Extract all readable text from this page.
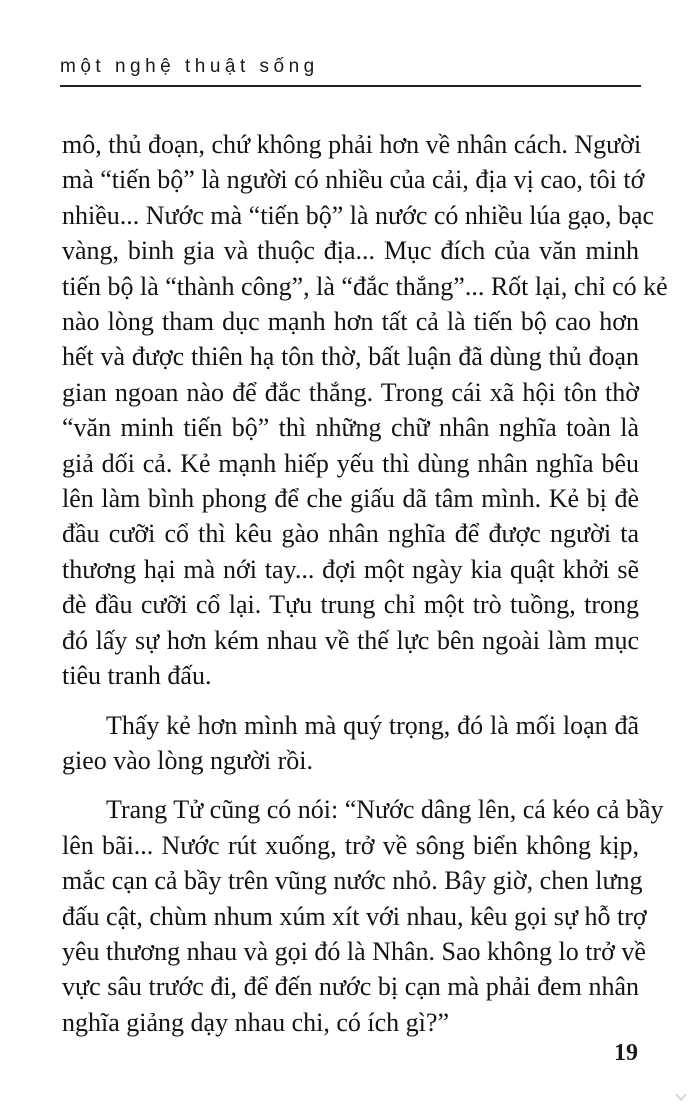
một nghệ thuật sống
mô, thủ đoạn, chứ không phải hơn về nhân cách. Người
mà “tiến bộ” là người có nhiều của cải, địa vị cao, tôi tớ
nhiều... Nước mà “tiến bộ” là nước có nhiều lúa gạo, bạc
vàng, binh gia và thuộc địa... Mục đích của văn minh
tiến bộ là “thành công”, là “đắc thắng”... Rốt lại, chỉ có kẻ
nào lòng tham dục mạnh hơn tất cả là tiến bộ cao hơn
hết và được thiên hạ tôn thờ, bất luận đã dùng thủ đoạn
gian ngoan nào để đắc thắng. Trong cái xã hội tôn thờ
“văn minh tiến bộ” thì những chữ nhân nghĩa toàn là
giả dối cả. Kẻ mạnh hiếp yếu thì dùng nhân nghĩa bêu
lên làm bình phong để che giấu dã tâm mình. Kẻ bị đè
đầu cưỡi cổ thì kêu gào nhân nghĩa để được người ta
thương hại mà nới tay... đợi một ngày kia quật khởi sẽ
đè đầu cưỡi cổ lại. Tựu trung chỉ một trò tuồng, trong
đó lấy sự hơn kém nhau về thế lực bên ngoài làm mục
tiêu tranh đấu.
Thấy kẻ hơn mình mà quý trọng, đó là mối loạn đã
gieo vào lòng người rồi.
Trang Tử cũng có nói: “Nước dâng lên, cá kéo cả bầy
lên bãi... Nước rút xuống, trở về sông biển không kịp,
mắc cạn cả bầy trên vũng nước nhỏ. Bây giờ, chen lưng
đấu cật, chùm nhum xúm xít với nhau, kêu gọi sự hỗ trợ
yêu thương nhau và gọi đó là Nhân. Sao không lo trở về
vực sâu trước đi, để đến nước bị cạn mà phải đem nhân
nghĩa giảng dạy nhau chi, có ích gì?”
19
